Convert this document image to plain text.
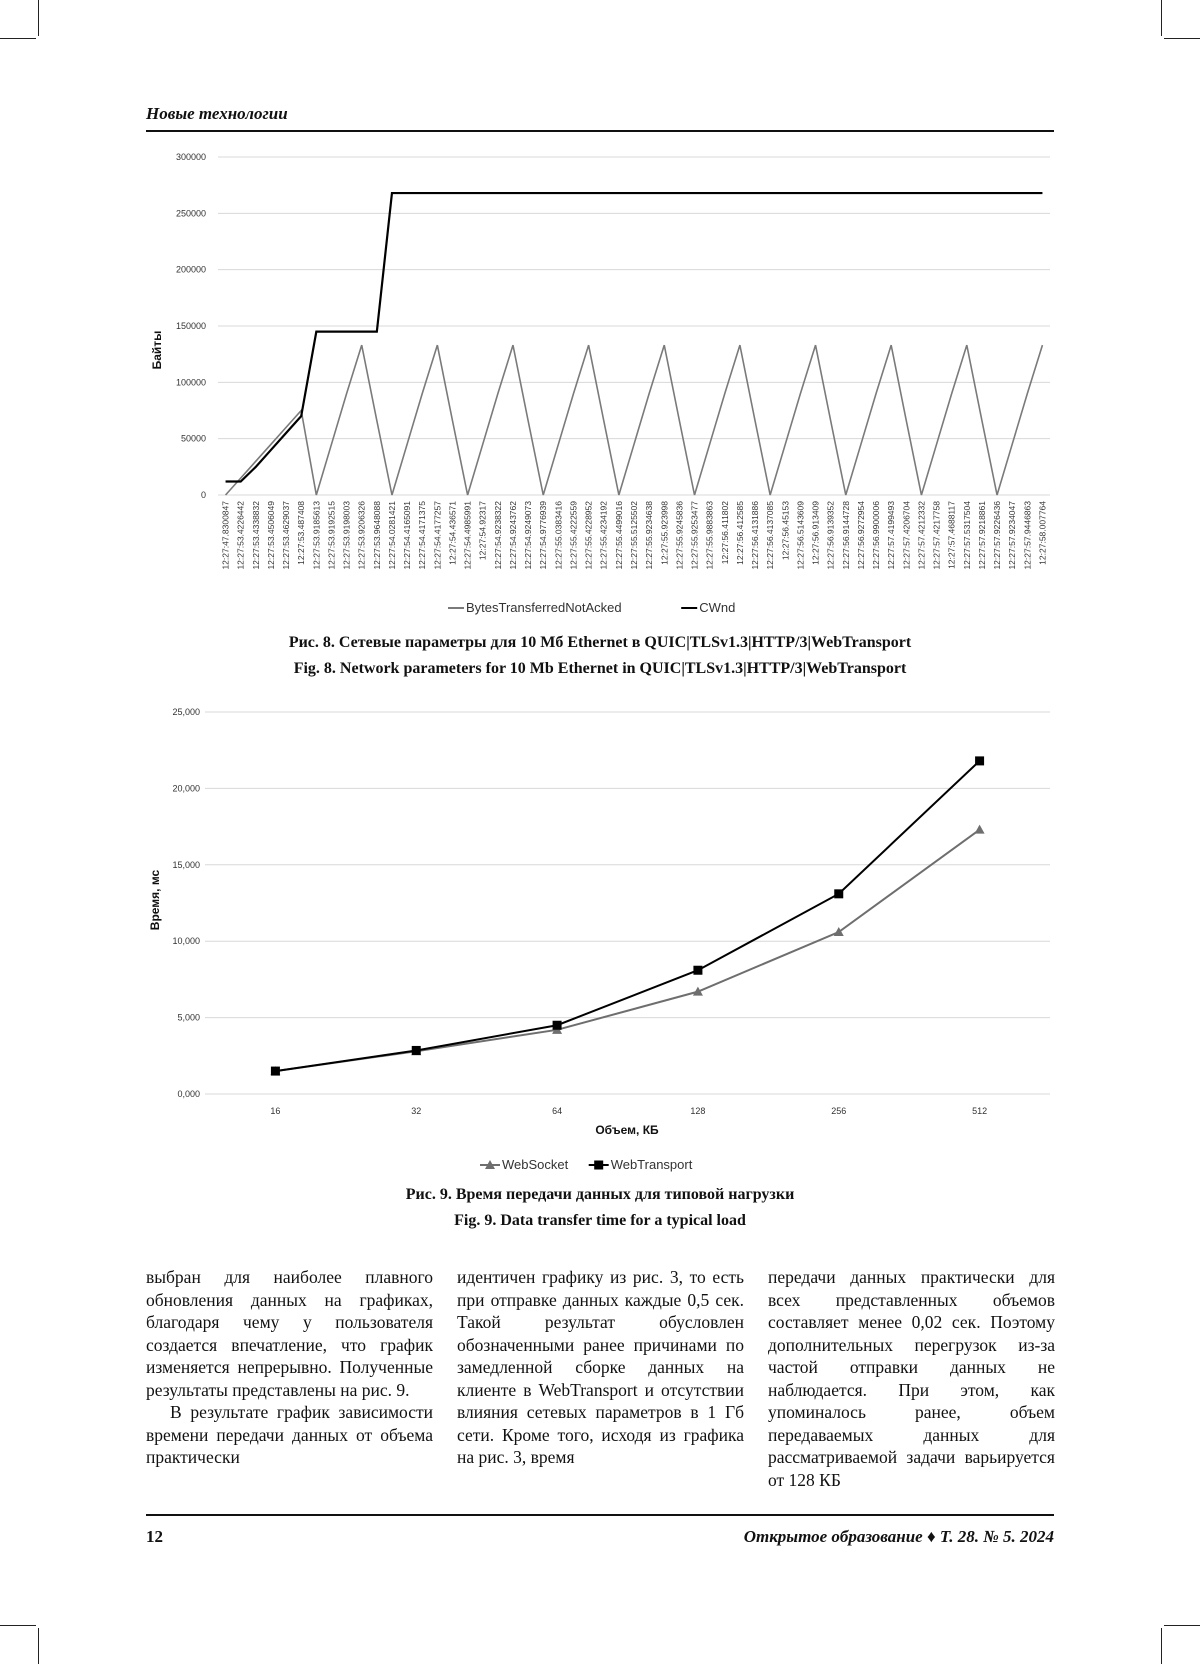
Новые технологии
0
50000
100000
150000
200000
250000
300000
Байты
12:27:47.8300847 12:27:53.4226442 12:27:53.4338832 12:27:53.4506049 12:27:53.4629037 12:27:53.487408 12:27:53.9185613 12:27:53.9192515 12:27:53.9198003 12:27:53.9206326 12:27:53.9648088 12:27:54.0281421 12:27:54.4165091 12:27:54.4171375 12:27:54.4177257 12:27:54.436571 12:27:54.4985991 12:27:54.92317 12:27:54.9238322 12:27:54.9243762 12:27:54.9249073 12:27:54.9776939 12:27:55.0383416 12:27:55.4222559 12:27:55.4228952 12:27:55.4234192 12:27:55.4499016 12:27:55.5125502 12:27:55.9234638 12:27:55.923998 12:27:55.9245836 12:27:55.9253477 12:27:55.9883863 12:27:56.411802 12:27:56.412585 12:27:56.4131886 12:27:56.4137085 12:27:56.45153 12:27:56.5143609 12:27:56.913409 12:27:56.9139352 12:27:56.9144728 12:27:56.9272954 12:27:56.9900006 12:27:57.4199493 12:27:57.4206704 12:27:57.4212332 12:27:57.4217758 12:27:57.4688117 12:27:57.5317504 12:27:57.9218861 12:27:57.9226436 12:27:57.9234047 12:27:57.9446863 12:27:58.007764
BytesTransferredNotAcked	CWnd
Рис. 8. Сетевые параметры для 10 Мб Ethernet в QUIC|TLSv1.3|HTTP/3|WebTransport
Fig. 8. Network parameters for 10 Mb Ethernet in QUIC|TLSv1.3|HTTP/3|WebTransport
0,000
5,000
10,000
15,000
20,000
25,000
Время, мс
16	32	64	128	256	512
Объем, КБ
WebSocket	WebTransport
Рис. 9. Время передачи данных для типовой нагрузки
Fig. 9. Data transfer time for a typical load

выбран для наиболее плавного обновления данных на графиках, благодаря чему у пользователя создается впечатление, что график изменяется непрерывно. Полученные результаты представлены на рис. 9.

В результате график зависимости времени передачи данных от объема практически

идентичен графику из рис. 3, то есть при отправке данных каждые 0,5 сек. Такой результат обусловлен обозначенными ранее причинами по замедленной сборке данных на клиенте в WebTransport и отсутствии влияния сетевых параметров в 1 Гб сети. Кроме того, исходя из графика на рис. 3, время

передачи данных практически для всех представленных объемов составляет менее 0,02 сек. Поэтому дополнительных перегрузок из-за частой отправки данных не наблюдается. При этом, как упоминалось ранее, объем передаваемых данных для рассматриваемой задачи варьируется от 128 КБ

12	Открытое образование ♦ Т. 28. № 5. 2024
